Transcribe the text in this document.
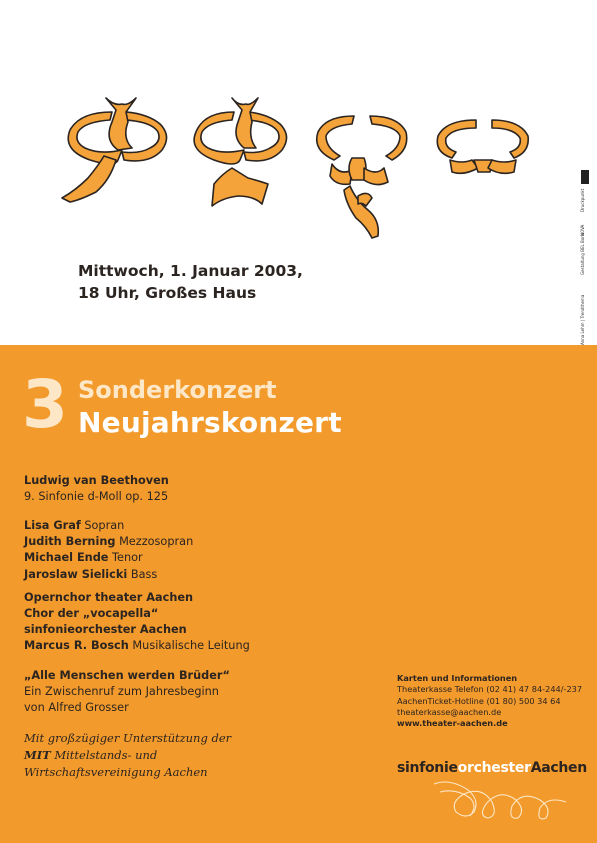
Mittwoch, 1. Januar 2003,
18 Uhr, Großes Haus
Anna Lehm | Trendthema
Gestaltung BEL Bonn
NOVA
Druckpunkt
3 Sonderkonzert
Neujahrskonzert
Ludwig van Beethoven
9. Sinfonie d-Moll op. 125
Lisa Graf Sopran
Judith Berning Mezzosopran
Michael Ende Tenor
Jaroslaw Sielicki Bass
Opernchor theater Aachen
Chor der „vocapella“
sinfonieorchester Aachen
Marcus R. Bosch Musikalische Leitung
„Alle Menschen werden Brüder“
Ein Zwischenruf zum Jahresbeginn
von Alfred Grosser
Mit großzügiger Unterstützung der
MIT Mittelstands- und
Wirtschaftsvereinigung Aachen
Karten und Informationen
Theaterkasse Telefon (02 41) 47 84-244/-237
AachenTicket-Hotline (01 80) 500 34 64
theaterkasse@aachen.de
www.theater-aachen.de
sinfonieorchesterAachen
